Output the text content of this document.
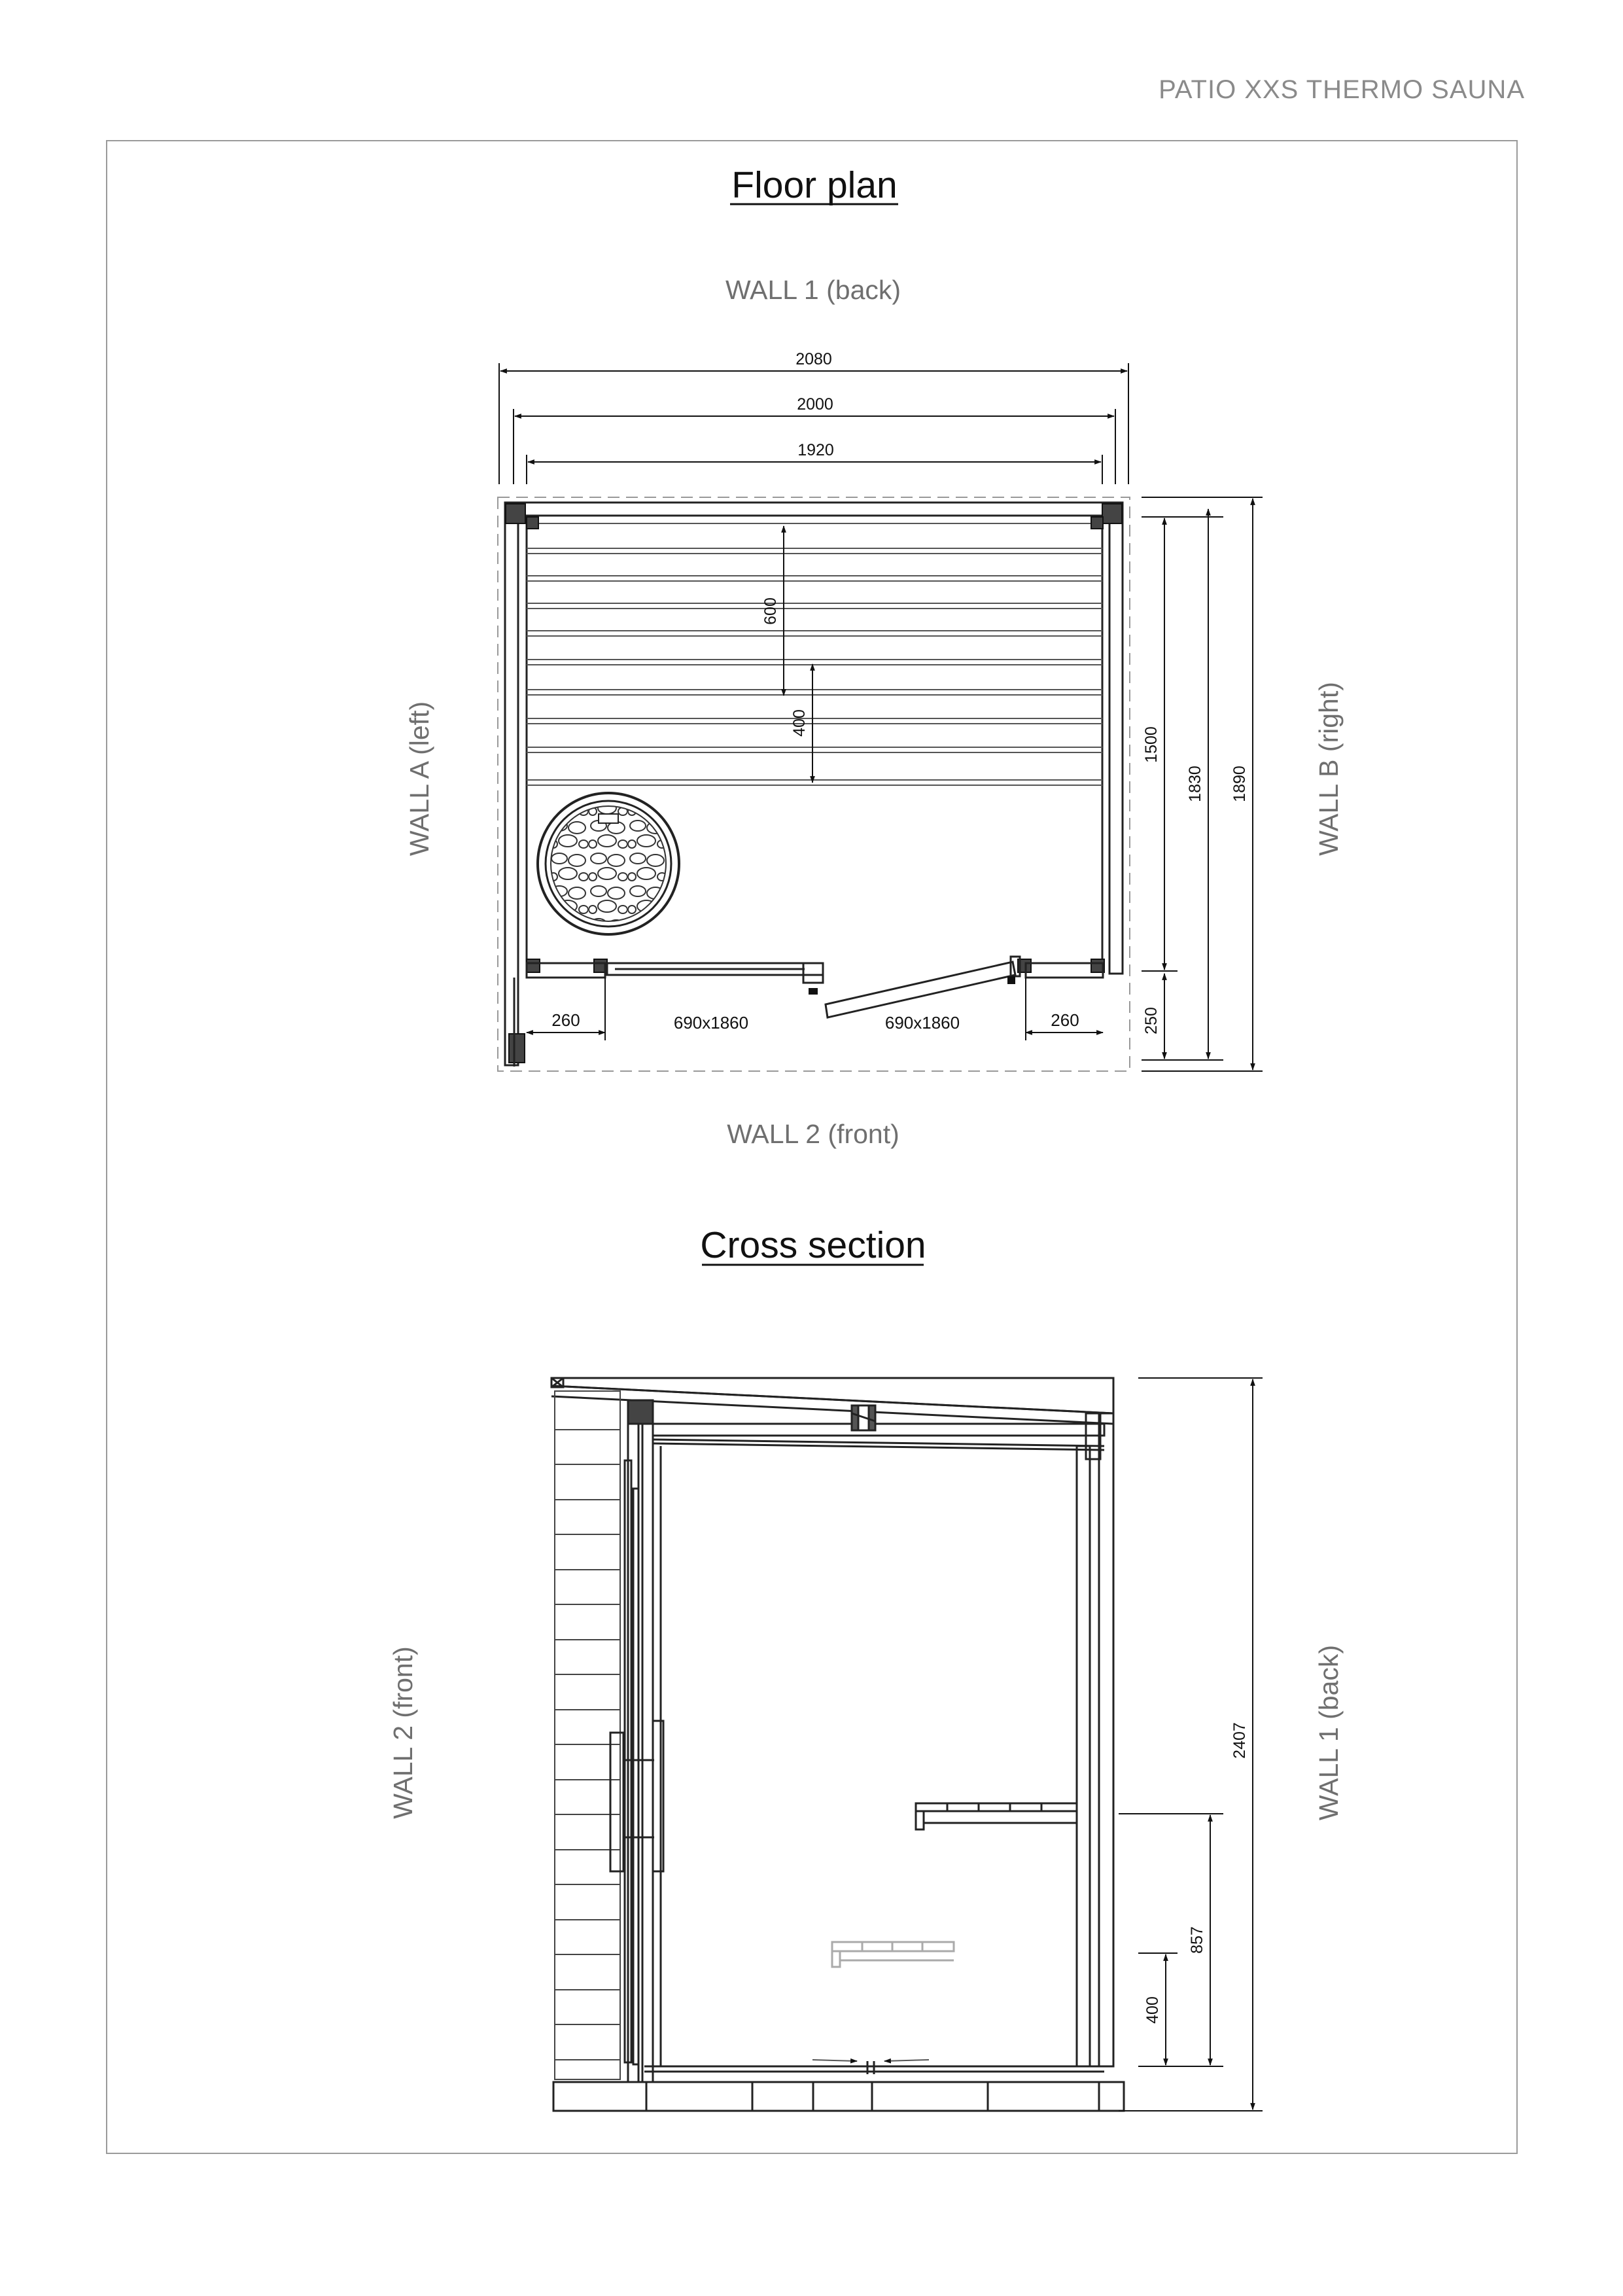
PATIO XXS THERMO SAUNA
Floor plan
WALL 1 (back)
WALL 2 (front)
WALL A (left)	WALL B (right)
2080
2000
1920
600
400
1500
250
1830 1890
260	260
690x1860	690x1860
Cross section
WALL 2 (front)	WALL 1 (back)
2407
857
400
